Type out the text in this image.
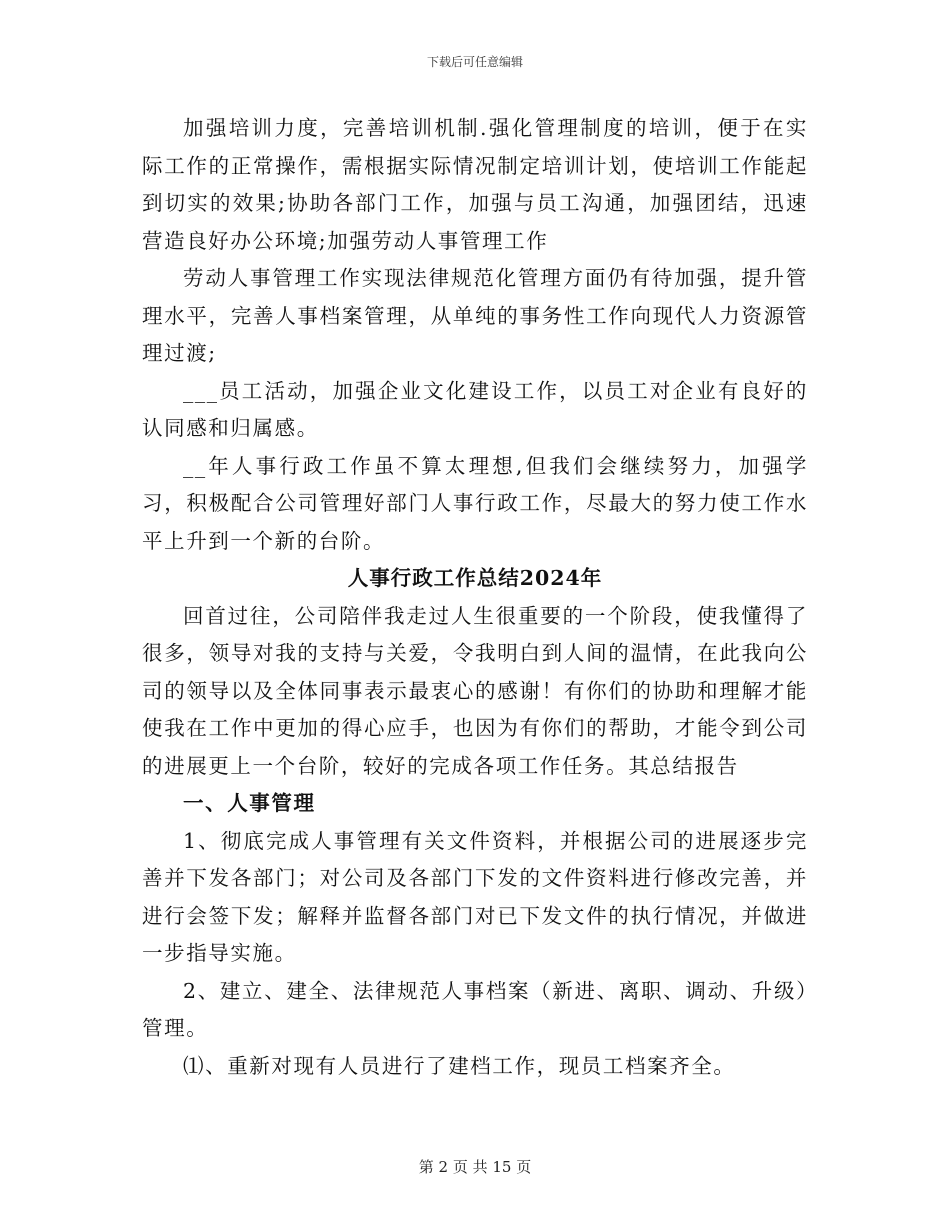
下载后可任意编辑

加强培训力度，完善培训机制.强化管理制度的培训，便于在实际工作的正常操作，需根据实际情况制定培训计划，使培训工作能起到切实的效果;协助各部门工作，加强与员工沟通，加强团结，迅速营造良好办公环境;加强劳动人事管理工作

劳动人事管理工作实现法律规范化管理方面仍有待加强，提升管理水平，完善人事档案管理，从单纯的事务性工作向现代人力资源管理过渡;

___员工活动，加强企业文化建设工作，以员工对企业有良好的认同感和归属感。

__年人事行政工作虽不算太理想,但我们会继续努力，加强学习，积极配合公司管理好部门人事行政工作，尽最大的努力使工作水平上升到一个新的台阶。

人事行政工作总结2024年

回首过往，公司陪伴我走过人生很重要的一个阶段，使我懂得了很多，领导对我的支持与关爱，令我明白到人间的温情，在此我向公司的领导以及全体同事表示最衷心的感谢！有你们的协助和理解才能使我在工作中更加的得心应手，也因为有你们的帮助，才能令到公司的进展更上一个台阶，较好的完成各项工作任务。其总结报告

一、人事管理

1、彻底完成人事管理有关文件资料，并根据公司的进展逐步完善并下发各部门；对公司及各部门下发的文件资料进行修改完善，并进行会签下发；解释并监督各部门对已下发文件的执行情况，并做进一步指导实施。

2、建立、建全、法律规范人事档案（新进、离职、调动、升级）管理。

⑴、重新对现有人员进行了建档工作，现员工档案齐全。

第 2 页 共 15 页
